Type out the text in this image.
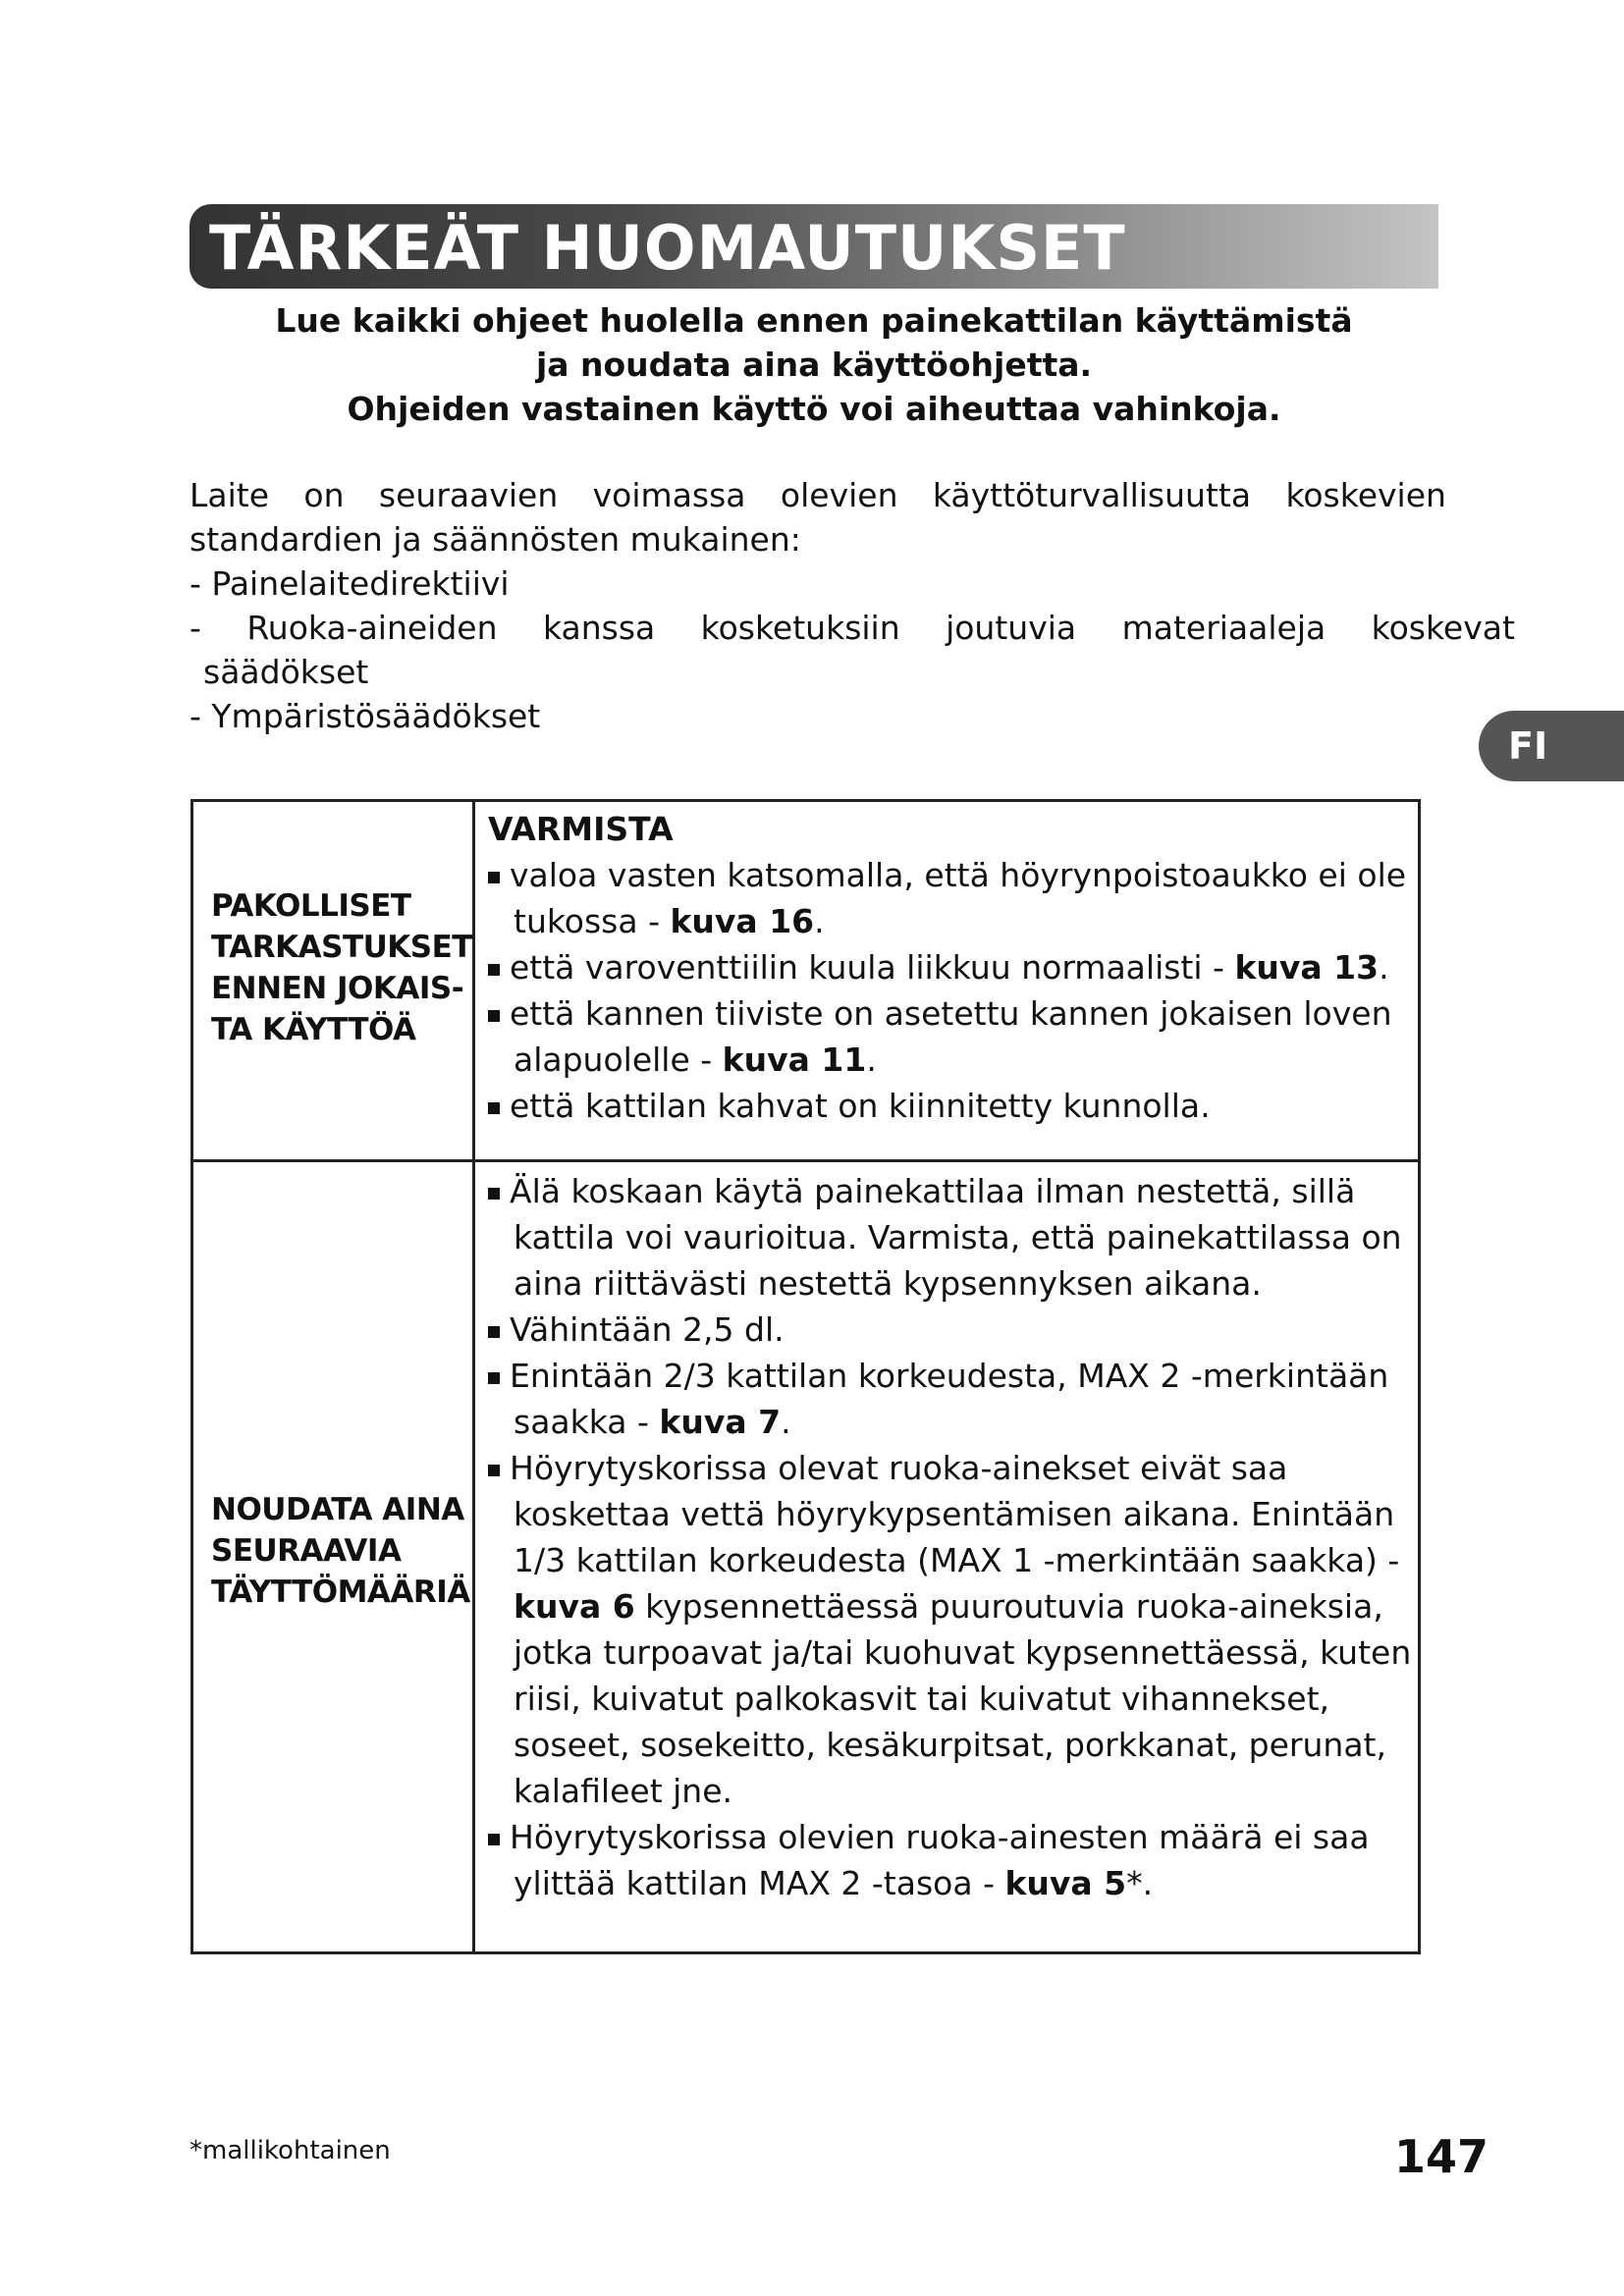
TÄRKEÄT HUOMAUTUKSET
Lue kaikki ohjeet huolella ennen painekattilan käyttämistä
ja noudata aina käyttöohjetta.
Ohjeiden vastainen käyttö voi aiheuttaa vahinkoja.
Laite on seuraavien voimassa olevien käyttöturvallisuutta koskevien
standardien ja säännösten mukainen:
- Painelaitedirektiivi
- Ruoka-aineiden kanssa kosketuksiin joutuvia materiaaleja koskevat
säädökset
- Ympäristösäädökset
FI
PAKOLLISET
TARKASTUKSET
ENNEN JOKAIS-
TA KÄYTTÖÄ
VARMISTA
valoa vasten katsomalla, että höyrynpoistoaukko ei ole
tukossa - kuva 16.
että varoventtiilin kuula liikkuu normaalisti - kuva 13.
että kannen tiiviste on asetettu kannen jokaisen loven
alapuolelle - kuva 11.
että kattilan kahvat on kiinnitetty kunnolla.
NOUDATA AINA
SEURAAVIA
TÄYTTÖMÄÄRIÄ
Älä koskaan käytä painekattilaa ilman nestettä, sillä
kattila voi vaurioitua. Varmista, että painekattilassa on
aina riittävästi nestettä kypsennyksen aikana.
Vähintään 2,5 dl.
Enintään 2/3 kattilan korkeudesta, MAX 2 -merkintään
saakka - kuva 7.
Höyrytyskorissa olevat ruoka-ainekset eivät saa
koskettaa vettä höyrykypsentämisen aikana. Enintään
1/3 kattilan korkeudesta (MAX 1 -merkintään saakka) -
kuva 6 kypsennettäessä puuroutuvia ruoka-aineksia,
jotka turpoavat ja/tai kuohuvat kypsennettäessä, kuten
riisi, kuivatut palkokasvit tai kuivatut vihannekset,
soseet, sosekeitto, kesäkurpitsat, porkkanat, perunat,
kalafileet jne.
Höyrytyskorissa olevien ruoka-ainesten määrä ei saa
ylittää kattilan MAX 2 -tasoa - kuva 5*.
*mallikohtainen	147
